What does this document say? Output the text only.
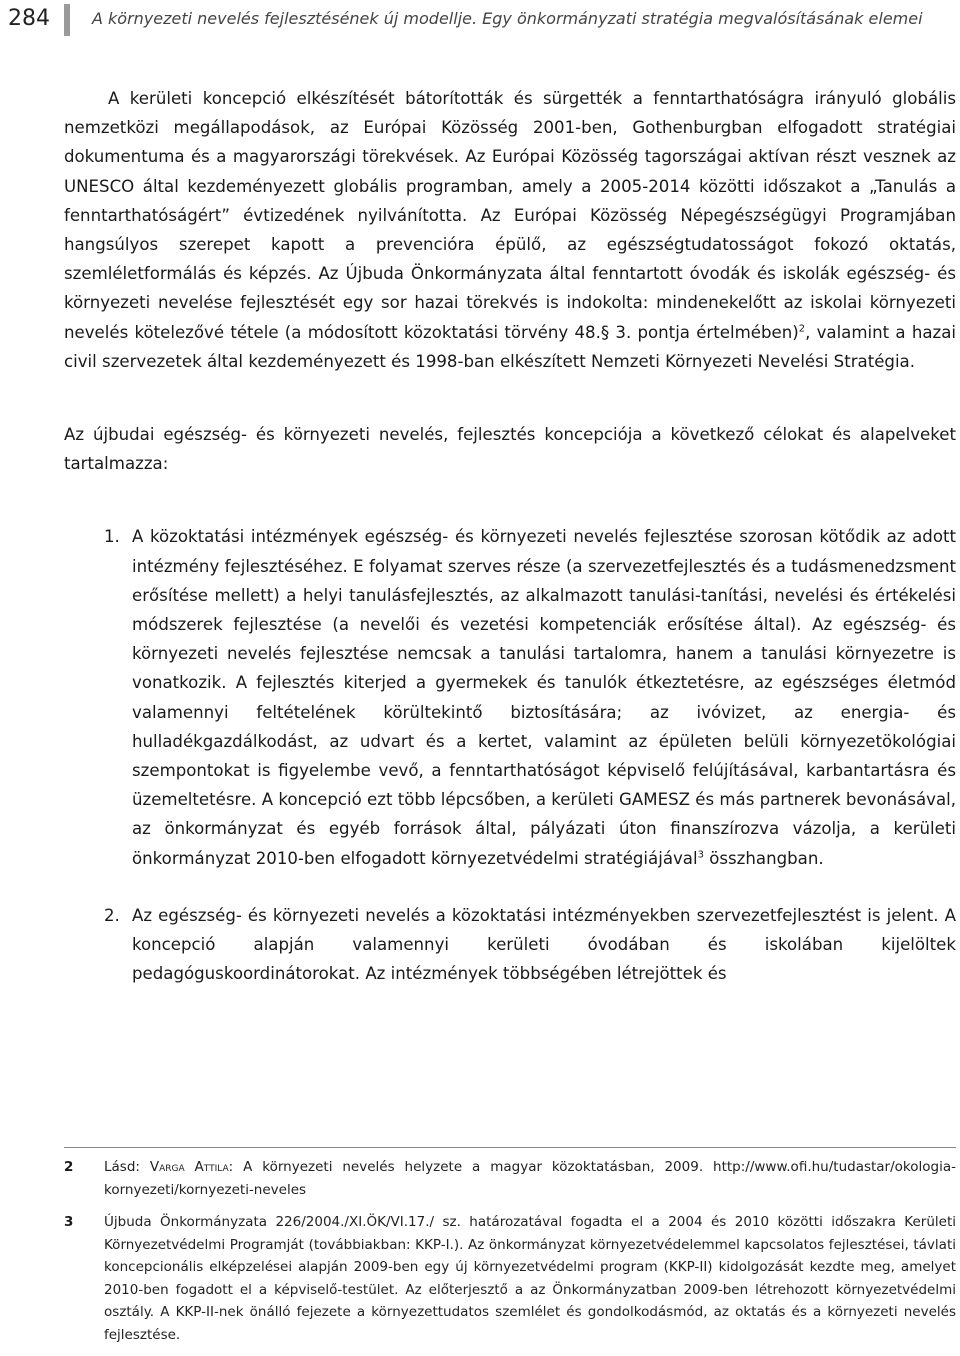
284	A környezeti nevelés fejlesztésének új modellje. Egy önkormányzati stratégia megvalósításának elemei

A kerületi koncepció elkészítését bátorították és sürgették a fenntarthatóságra irányuló globális nemzetközi megállapodások, az Európai Közösség 2001-ben, Gothenburgban elfogadott stratégiai dokumentuma és a magyarországi törekvések. Az Európai Közösség tagországai aktívan részt vesznek az UNESCO által kezdeményezett globális programban, amely a 2005-2014 közötti időszakot a „Tanulás a fenntarthatóságért” évtizedének nyilvánította. Az Európai Közösség Népegészségügyi Programjában hangsúlyos szerepet kapott a prevencióra épülő, az egészségtudatosságot fokozó oktatás, szemléletformálás és képzés. Az Újbuda Önkormányzata által fenntartott óvodák és iskolák egészség- és környezeti nevelése fejlesztését egy sor hazai törekvés is indokolta: mindenekelőtt az iskolai környezeti nevelés kötelezővé tétele (a módosított közoktatási törvény 48.§ 3. pontja értelmében)$^2$, valamint a hazai civil szervezetek által kezdeményezett és 1998-ban elkészített Nemzeti Környezeti Nevelési Stratégia.

Az újbudai egészség- és környezeti nevelés, fejlesztés koncepciója a következő célokat és alapelveket tartalmazza:

1. A közoktatási intézmények egészség- és környezeti nevelés fejlesztése szorosan kötődik az adott intézmény fejlesztéséhez. E folyamat szerves része (a szervezetfejlesztés és a tudásmenedzsment erősítése mellett) a helyi tanulásfejlesztés, az alkalmazott tanulási-tanítási, nevelési és értékelési módszerek fejlesztése (a nevelői és vezetési kompetenciák erősítése által). Az egészség- és környezeti nevelés fejlesztése nemcsak a tanulási tartalomra, hanem a tanulási környezetre is vonatkozik. A fejlesztés kiterjed a gyermekek és tanulók étkeztetésre, az egészséges életmód valamennyi feltételének körültekintő biztosítására; az ivóvizet, az energia- és hulladékgazdálkodást, az udvart és a kertet, valamint az épületen belüli környezetökológiai szempontokat is figyelembe vevő, a fenntarthatóságot képviselő felújításával, karbantartásra és üzemeltetésre. A koncepció ezt több lépcsőben, a kerületi GAMESZ és más partnerek bevonásával, az önkormányzat és egyéb források által, pályázati úton finanszírozva vázolja, a kerületi önkormányzat 2010-ben elfogadott környezetvédelmi stratégiájával$^3$ összhangban.

2. Az egészség- és környezeti nevelés a közoktatási intézményekben szervezetfejlesztést is jelent. A koncepció alapján valamennyi kerületi óvodában és iskolában kijelöltek pedagóguskoordinátorokat. Az intézmények többségében létrejöttek és

2 Lásd: Varga Attila: A környezeti nevelés helyzete a magyar közoktatásban, 2009. http://www.ofi.hu/tudastar/okologia-kornyezeti/kornyezeti-neveles

3 Újbuda Önkormányzata 226/2004./XI.ÖK/VI.17./ sz. határozatával fogadta el a 2004 és 2010 közötti időszakra Kerületi Környezetvédelmi Programját (továbbiakban: KKP-I.). Az önkormányzat környezetvédelemmel kapcsolatos fejlesztései, távlati koncepcionális elképzelései alapján 2009-ben egy új környezetvédelmi program (KKP-II) kidolgozását kezdte meg, amelyet 2010-ben fogadott el a képviselő-testület. Az előterjesztő a az Önkormányzatban 2009-ben létrehozott környezetvédelmi osztály. A KKP-II-nek önálló fejezete a környezettudatos szemlélet és gondolkodásmód, az oktatás és a környezeti nevelés fejlesztése.
